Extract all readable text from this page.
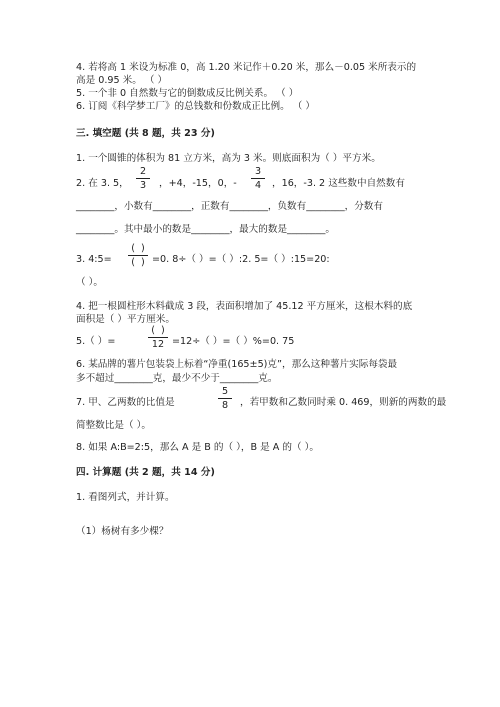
4. 若将高 1 米设为标准 0，高 1.20 米记作＋0.20 米，那么－0.05 米所表示的
高是 0.95 米。 （ ）
5. 一个非 0 自然数与它的倒数成反比例关系。 （ ）
6. 订阅《科学梦工厂》的总钱数和份数成正比例。 （ ）
三. 填空题 (共 8 题，共 23 分)
1. 一个圆锥的体积为 81 立方米，高为 3 米。则底面积为（ ）平方米。
2. 在 3. 5，
2
3	，+4，-15，0，-
3
4	，16，-3. 2 这些数中自然数有
________，小数有________，正数有________，负数有________，分数有
________。其中最小的数是________，最大的数是________。
3. 4:5=
(  )
(  ) =0. 8÷（ ）=（ ）:2. 5=（ ）:15=20:
（ ）。
4. 把一根圆柱形木料截成 3 段，表面积增加了 45.12 平方厘米，这根木料的底
面积是（ ）平方厘米。
5.（ ）=
(  )
12 =12÷（ ）=（ ）%=0. 75
6. 某品牌的薯片包装袋上标着“净重(165±5)克”，那么这种薯片实际每袋最
多不超过________克，最少不少于________克。
7. 甲、乙两数的比值是
5
8	，若甲数和乙数同时乘 0. 469，则新的两数的最
简整数比是（ ）。
8. 如果 A:B=2:5，那么 A 是 B 的（ ），B 是 A 的（ ）。
四. 计算题 (共 2 题，共 14 分)
1. 看图列式，并计算。
（1）杨树有多少棵？
